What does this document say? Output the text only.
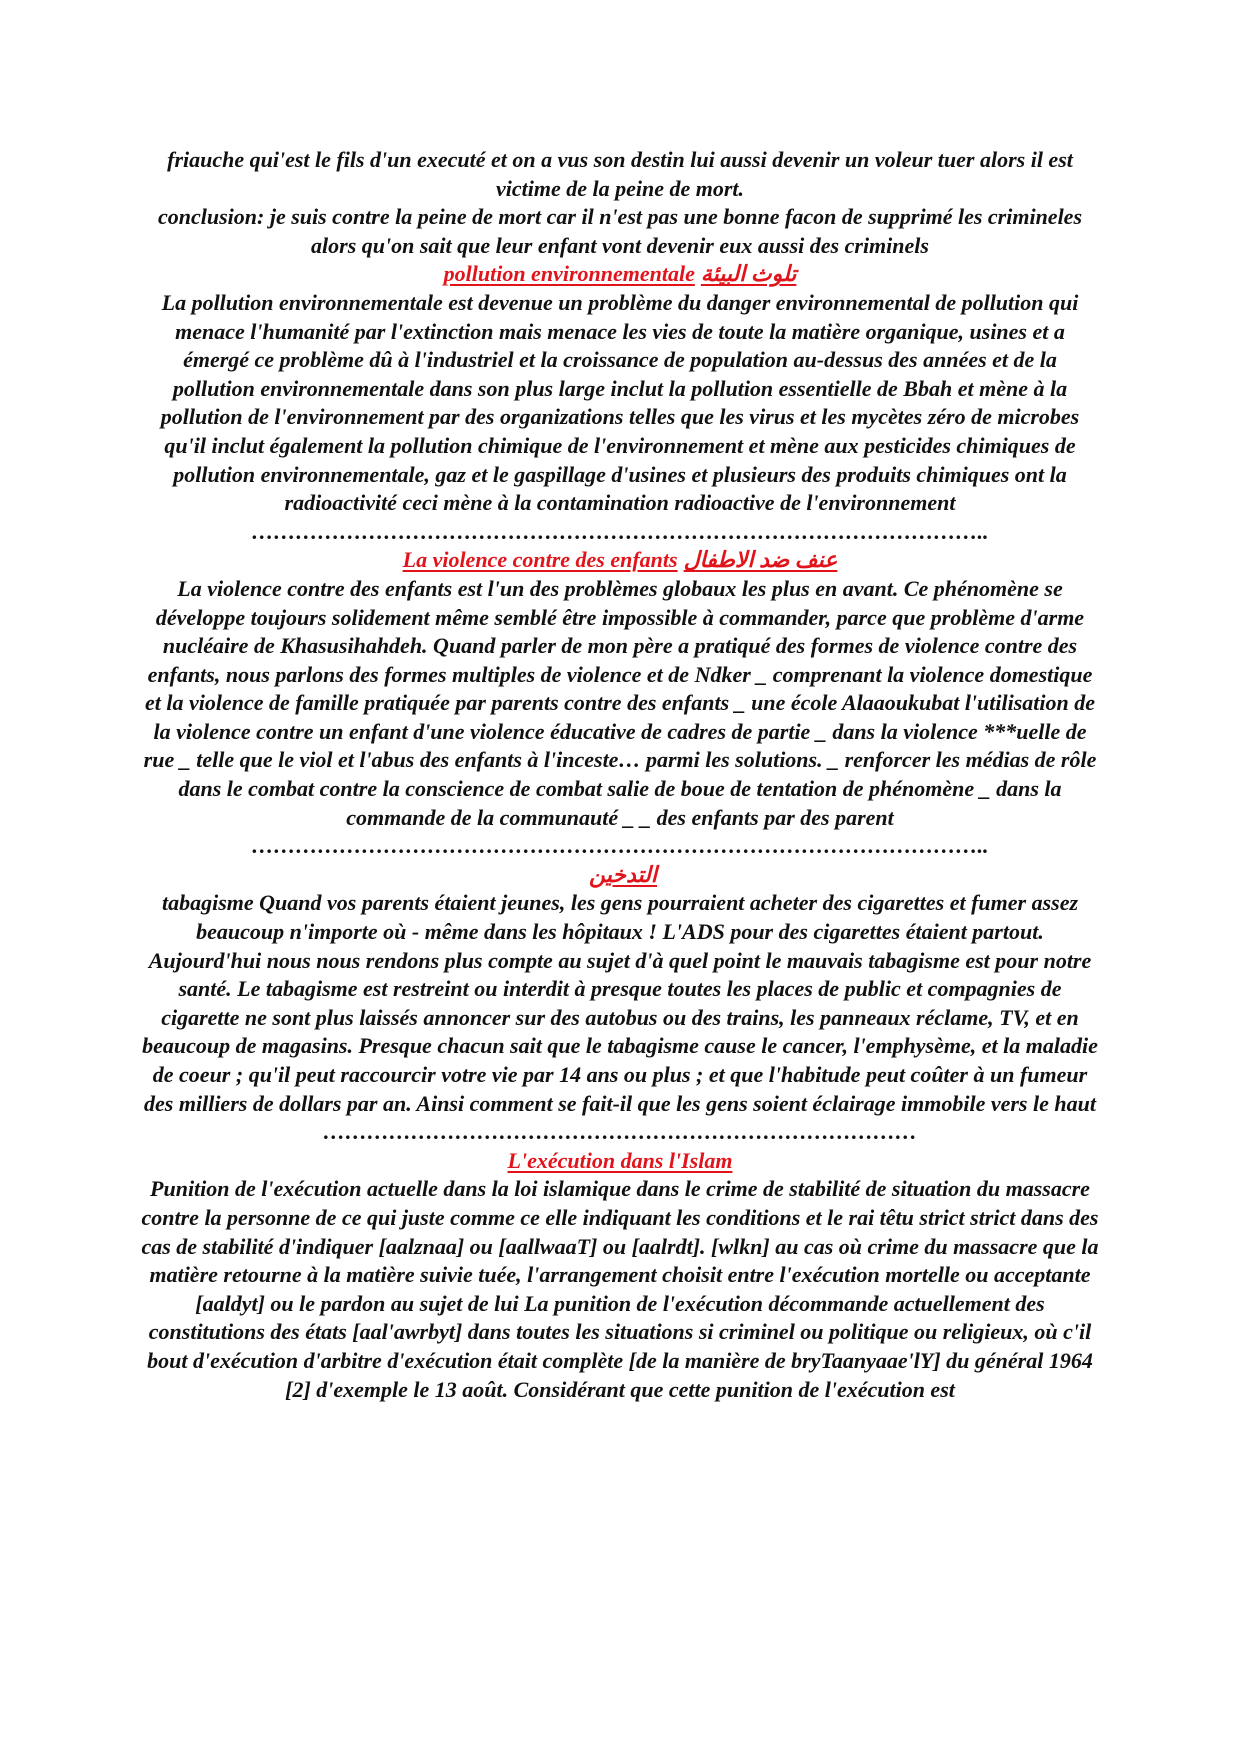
friauche qui'est le fils d'un executé et on a vus son destin lui aussi devenir un voleur tuer alors il est victime de la peine de mort.

conclusion: je suis contre la peine de mort car il n'est pas une bonne facon de supprimé les crimineles alors qu'on sait que leur enfant vont devenir eux aussi des criminels

pollution environnementale تلوث البيئة

La pollution environnementale est devenue un problème du danger environnemental de pollution qui menace l'humanité par l'extinction mais menace les vies de toute la matière organique, usines et a émergé ce problème dû à l'industriel et la croissance de population au-dessus des années et de la pollution environnementale dans son plus large inclut la pollution essentielle de Bbah et mène à la pollution de l'environnement par des organizations telles que les virus et les mycètes zéro de microbes qu'il inclut également la pollution chimique de l'environnement et mène aux pesticides chimiques de pollution environnementale, gaz et le gaspillage d'usines et plusieurs des produits chimiques ont la radioactivité ceci mène à la contamination radioactive de l'environnement

………………………………………………………………………………………..

La violence contre des enfants عنف ضد الاطفال

La violence contre des enfants est l'un des problèmes globaux les plus en avant. Ce phénomène se développe toujours solidement même semblé être impossible à commander, parce que problème d'arme nucléaire de Khasusihahdeh. Quand parler de mon père a pratiqué des formes de violence contre des enfants, nous parlons des formes multiples de violence et de Ndker _ comprenant la violence domestique et la violence de famille pratiquée par parents contre des enfants _ une école Alaaoukubat l'utilisation de la violence contre un enfant d'une violence éducative de cadres de partie _ dans la violence ***uelle de rue _ telle que le viol et l'abus des enfants à l'inceste… parmi les solutions. _ renforcer les médias de rôle dans le combat contre la conscience de combat salie de boue de tentation de phénomène _ dans la commande de la communauté _ _ des enfants par des parent

………………………………………………………………………………………..

التدخين

tabagisme Quand vos parents étaient jeunes, les gens pourraient acheter des cigarettes et fumer assez beaucoup n'importe où - même dans les hôpitaux ! L'ADS pour des cigarettes étaient partout. Aujourd'hui nous nous rendons plus compte au sujet d'à quel point le mauvais tabagisme est pour notre santé. Le tabagisme est restreint ou interdit à presque toutes les places de public et compagnies de cigarette ne sont plus laissés annoncer sur des autobus ou des trains, les panneaux réclame, TV, et en beaucoup de magasins. Presque chacun sait que le tabagisme cause le cancer, l'emphysème, et la maladie de coeur ; qu'il peut raccourcir votre vie par 14 ans ou plus ; et que l'habitude peut coûter à un fumeur des milliers de dollars par an. Ainsi comment se fait-il que les gens soient éclairage immobile vers le haut

………………………………………………………………………

L'exécution dans l'Islam

Punition de l'exécution actuelle dans la loi islamique dans le crime de stabilité de situation du massacre contre la personne de ce qui juste comme ce elle indiquant les conditions et le rai têtu strict strict dans des cas de stabilité d'indiquer [aalznaa] ou [aallwaaT] ou [aalrdt]. [wlkn] au cas où crime du massacre que la matière retourne à la matière suivie tuée, l'arrangement choisit entre l'exécution mortelle ou acceptante [aaldyt] ou le pardon au sujet de lui La punition de l'exécution décommande actuellement des constitutions des états [aal'awrbyt] dans toutes les situations si criminel ou politique ou religieux, où c'il bout d'exécution d'arbitre d'exécution était complète [de la manière de bryTaanyaae'lY] du général 1964 [2] d'exemple le 13 août. Considérant que cette punition de l'exécution est
